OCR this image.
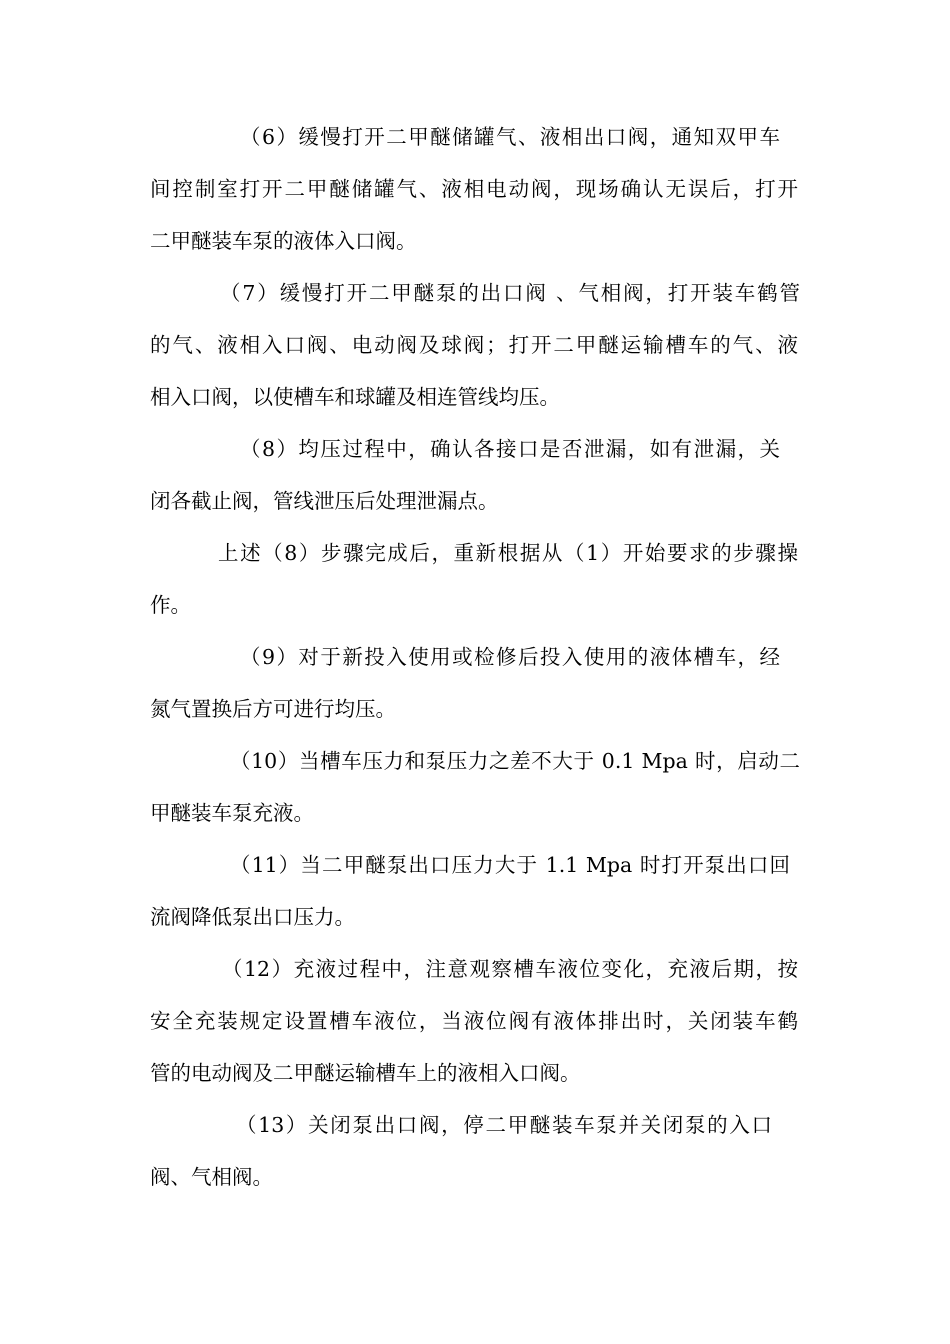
（6）缓慢打开二甲醚储罐气、液相出口阀，通知双甲车
间控制室打开二甲醚储罐气、液相电动阀，现场确认无误后，打开
二甲醚装车泵的液体入口阀。
（7）缓慢打开二甲醚泵的出口阀 、气相阀，打开装车鹤管
的气、液相入口阀、电动阀及球阀；打开二甲醚运输槽车的气、液
相入口阀，以使槽车和球罐及相连管线均压。
（8）均压过程中，确认各接口是否泄漏，如有泄漏，关
闭各截止阀，管线泄压后处理泄漏点。
上述（8）步骤完成后，重新根据从（1）开始要求的步骤操
作。
（9）对于新投入使用或检修后投入使用的液体槽车，经
氮气置换后方可进行均压。
（10）当槽车压力和泵压力之差不大于 0.1 Mpa 时，启动二
甲醚装车泵充液。
（11）当二甲醚泵出口压力大于 1.1 Mpa 时打开泵出口回
流阀降低泵出口压力。
（12）充液过程中，注意观察槽车液位变化，充液后期，按
安全充装规定设置槽车液位，当液位阀有液体排出时，关闭装车鹤
管的电动阀及二甲醚运输槽车上的液相入口阀。
（13）关闭泵出口阀，停二甲醚装车泵并关闭泵的入口
阀、气相阀。
